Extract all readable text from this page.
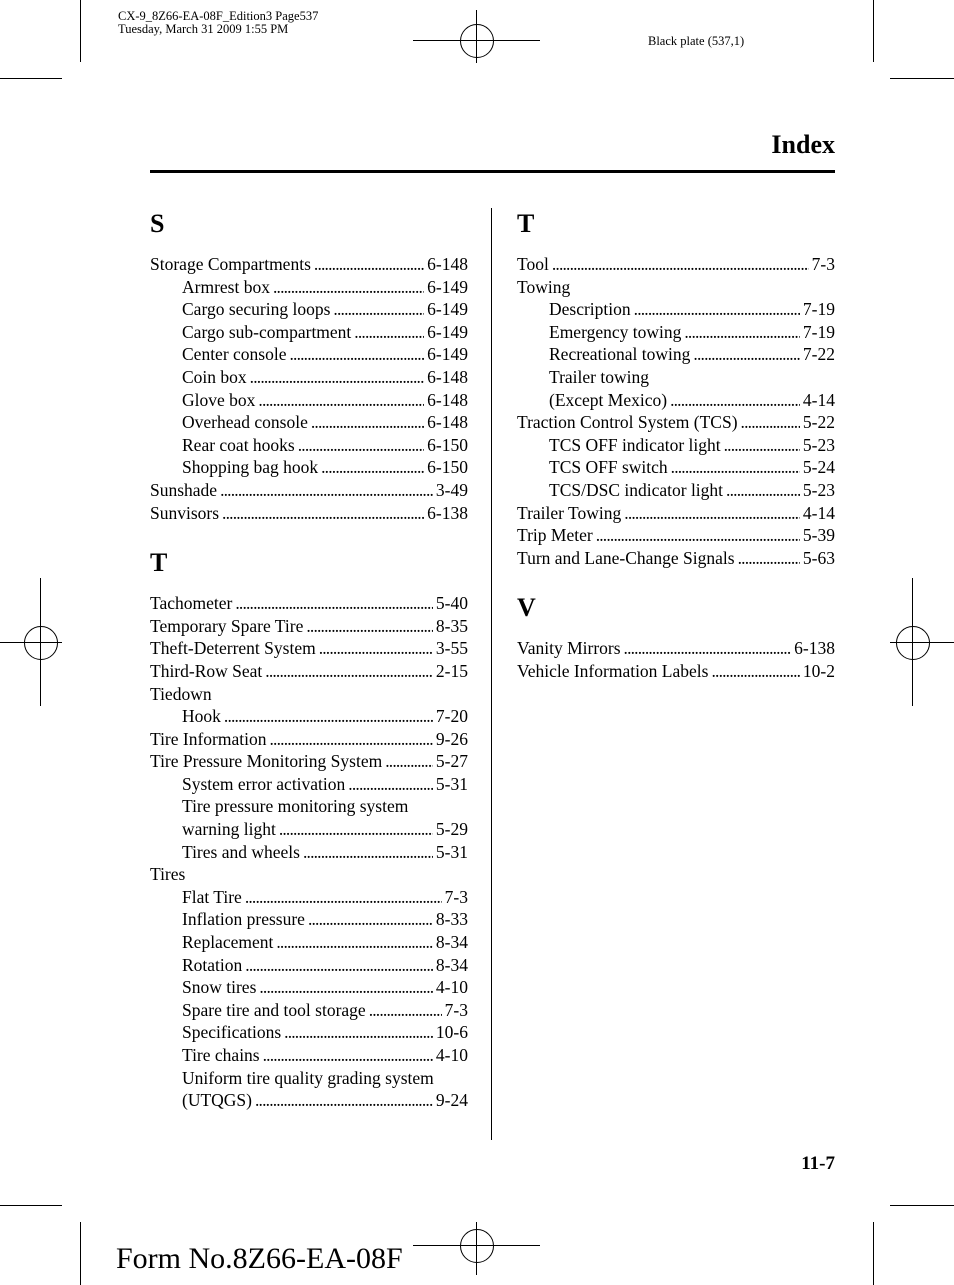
CX-9_8Z66-EA-08F_Edition3 Page537
Tuesday, March 31 2009 1:55 PM
Black plate (537,1)
Index
S
Storage Compartments . . .	6-148
Armrest box . . .	6-149
Cargo securing loops . . .	6-149
Cargo sub-compartment . . .	6-149
Center console . . .	6-149
Coin box . . .	6-148
Glove box . . .	6-148
Overhead console . . .	6-148
Rear coat hooks . . .	6-150
Shopping bag hook . . .	6-150
Sunshade . . .	3-49
Sunvisors . . .	6-138
T
Tachometer . . .	5-40
Temporary Spare Tire . . .	8-35
Theft-Deterrent System . . .	3-55
Third-Row Seat . . .	2-15
Tiedown
Hook . . .	7-20
Tire Information . . .	9-26
Tire Pressure Monitoring System . . .	5-27
System error activation . . .	5-31
Tire pressure monitoring system
warning light . . .	5-29
Tires and wheels . . .	5-31
Tires
Flat Tire . . .	7-3
Inflation pressure . . .	8-33
Replacement . . .	8-34
Rotation . . .	8-34
Snow tires . . .	4-10
Spare tire and tool storage . . .	7-3
Specifications . . .	10-6
Tire chains . . .	4-10
Uniform tire quality grading system
(UTQGS) . . .	9-24
T
Tool . . .	7-3
Towing
Description . . .	7-19
Emergency towing . . .	7-19
Recreational towing . . .	7-22
Trailer towing
(Except Mexico) . . .	4-14
Traction Control System (TCS) . . .	5-22
TCS OFF indicator light . . .	5-23
TCS OFF switch . . .	5-24
TCS/DSC indicator light . . .	5-23
Trailer Towing . . .	4-14
Trip Meter . . .	5-39
Turn and Lane-Change Signals . . .	5-63
V
Vanity Mirrors . . .	6-138
Vehicle Information Labels . . .	10-2
11-7
Form No.8Z66-EA-08F
